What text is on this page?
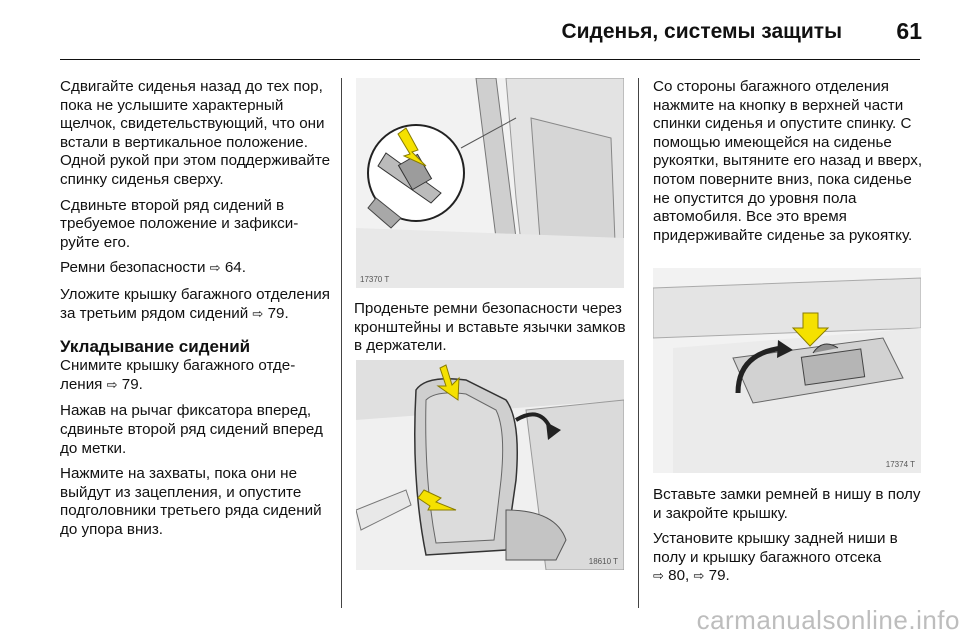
Сиденья, системы защиты 61

Сдвигайте сиденья назад до тех пор, пока не услышите характерный щелчок, свидетельствующий, что они встали в вертикальное положение. Одной рукой при этом поддерживайте спинку сиденья сверху.

Сдвиньте второй ряд сидений в требуемое положение и зафиксируйте его.

Ремни безопасности ⇨ 64.

Уложите крышку багажного отделения за третьим рядом сидений ⇨ 79.

Укладывание сидений

Снимите крышку багажного отделения ⇨ 79.

Нажав на рычаг фиксатора вперед, сдвиньте второй ряд сидений вперед до метки.

Нажмите на захваты, пока они не выйдут из зацепления, и опустите подголовники третьего ряда сидений до упора вниз.

17370 T
Проденьте ремни безопасности через кронштейны и вставьте язычки замков в держатели.
18610 T

Со стороны багажного отделения нажмите на кнопку в верхней части спинки сиденья и опустите спинку. С помощью имеющейся на сиденье рукоятки, вытяните его назад и вверх, потом поверните вниз, пока сиденье не опустится до уровня пола автомобиля. Все это время придерживайте сиденье за рукоятку.

17374 T

Вставьте замки ремней в нишу в полу и закройте крышку.

Установите крышку задней ниши в полу и крышку багажного отсека
⇨ 80, ⇨ 79.

carmanualsonline.info
